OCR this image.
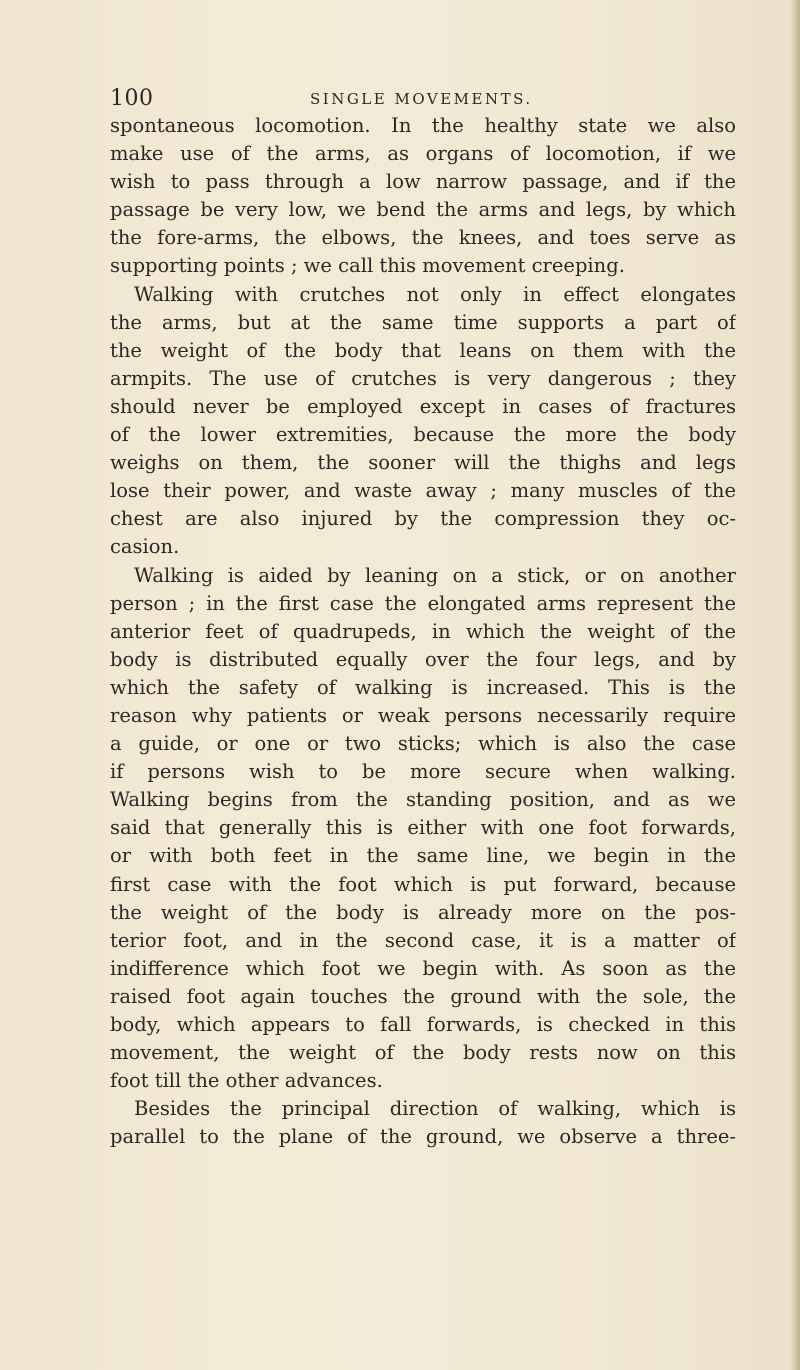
100	SINGLE MOVEMENTS.
spontaneous locomotion. In the healthy state we also
make use of the arms, as organs of locomotion, if we
wish to pass through a low narrow passage, and if the
passage be very low, we bend the arms and legs, by which
the fore-arms, the elbows, the knees, and toes serve as
supporting points ; we call this movement creeping.
Walking with crutches not only in effect elongates
the arms, but at the same time supports a part of
the weight of the body that leans on them with the
armpits. The use of crutches is very dangerous ; they
should never be employed except in cases of fractures
of the lower extremities, because the more the body
weighs on them, the sooner will the thighs and legs
lose their power, and waste away ; many muscles of the
chest are also injured by the compression they oc-
casion.
Walking is aided by leaning on a stick, or on another
person ; in the first case the elongated arms represent the
anterior feet of quadrupeds, in which the weight of the
body is distributed equally over the four legs, and by
which the safety of walking is increased. This is the
reason why patients or weak persons necessarily require
a guide, or one or two sticks; which is also the case
if persons wish to be more secure when walking.
Walking begins from the standing position, and as we
said that generally this is either with one foot forwards,
or with both feet in the same line, we begin in the
first case with the foot which is put forward, because
the weight of the body is already more on the pos-
terior foot, and in the second case, it is a matter of
indifference which foot we begin with. As soon as the
raised foot again touches the ground with the sole, the
body, which appears to fall forwards, is checked in this
movement, the weight of the body rests now on this
foot till the other advances.
Besides the principal direction of walking, which is
parallel to the plane of the ground, we observe a three-
